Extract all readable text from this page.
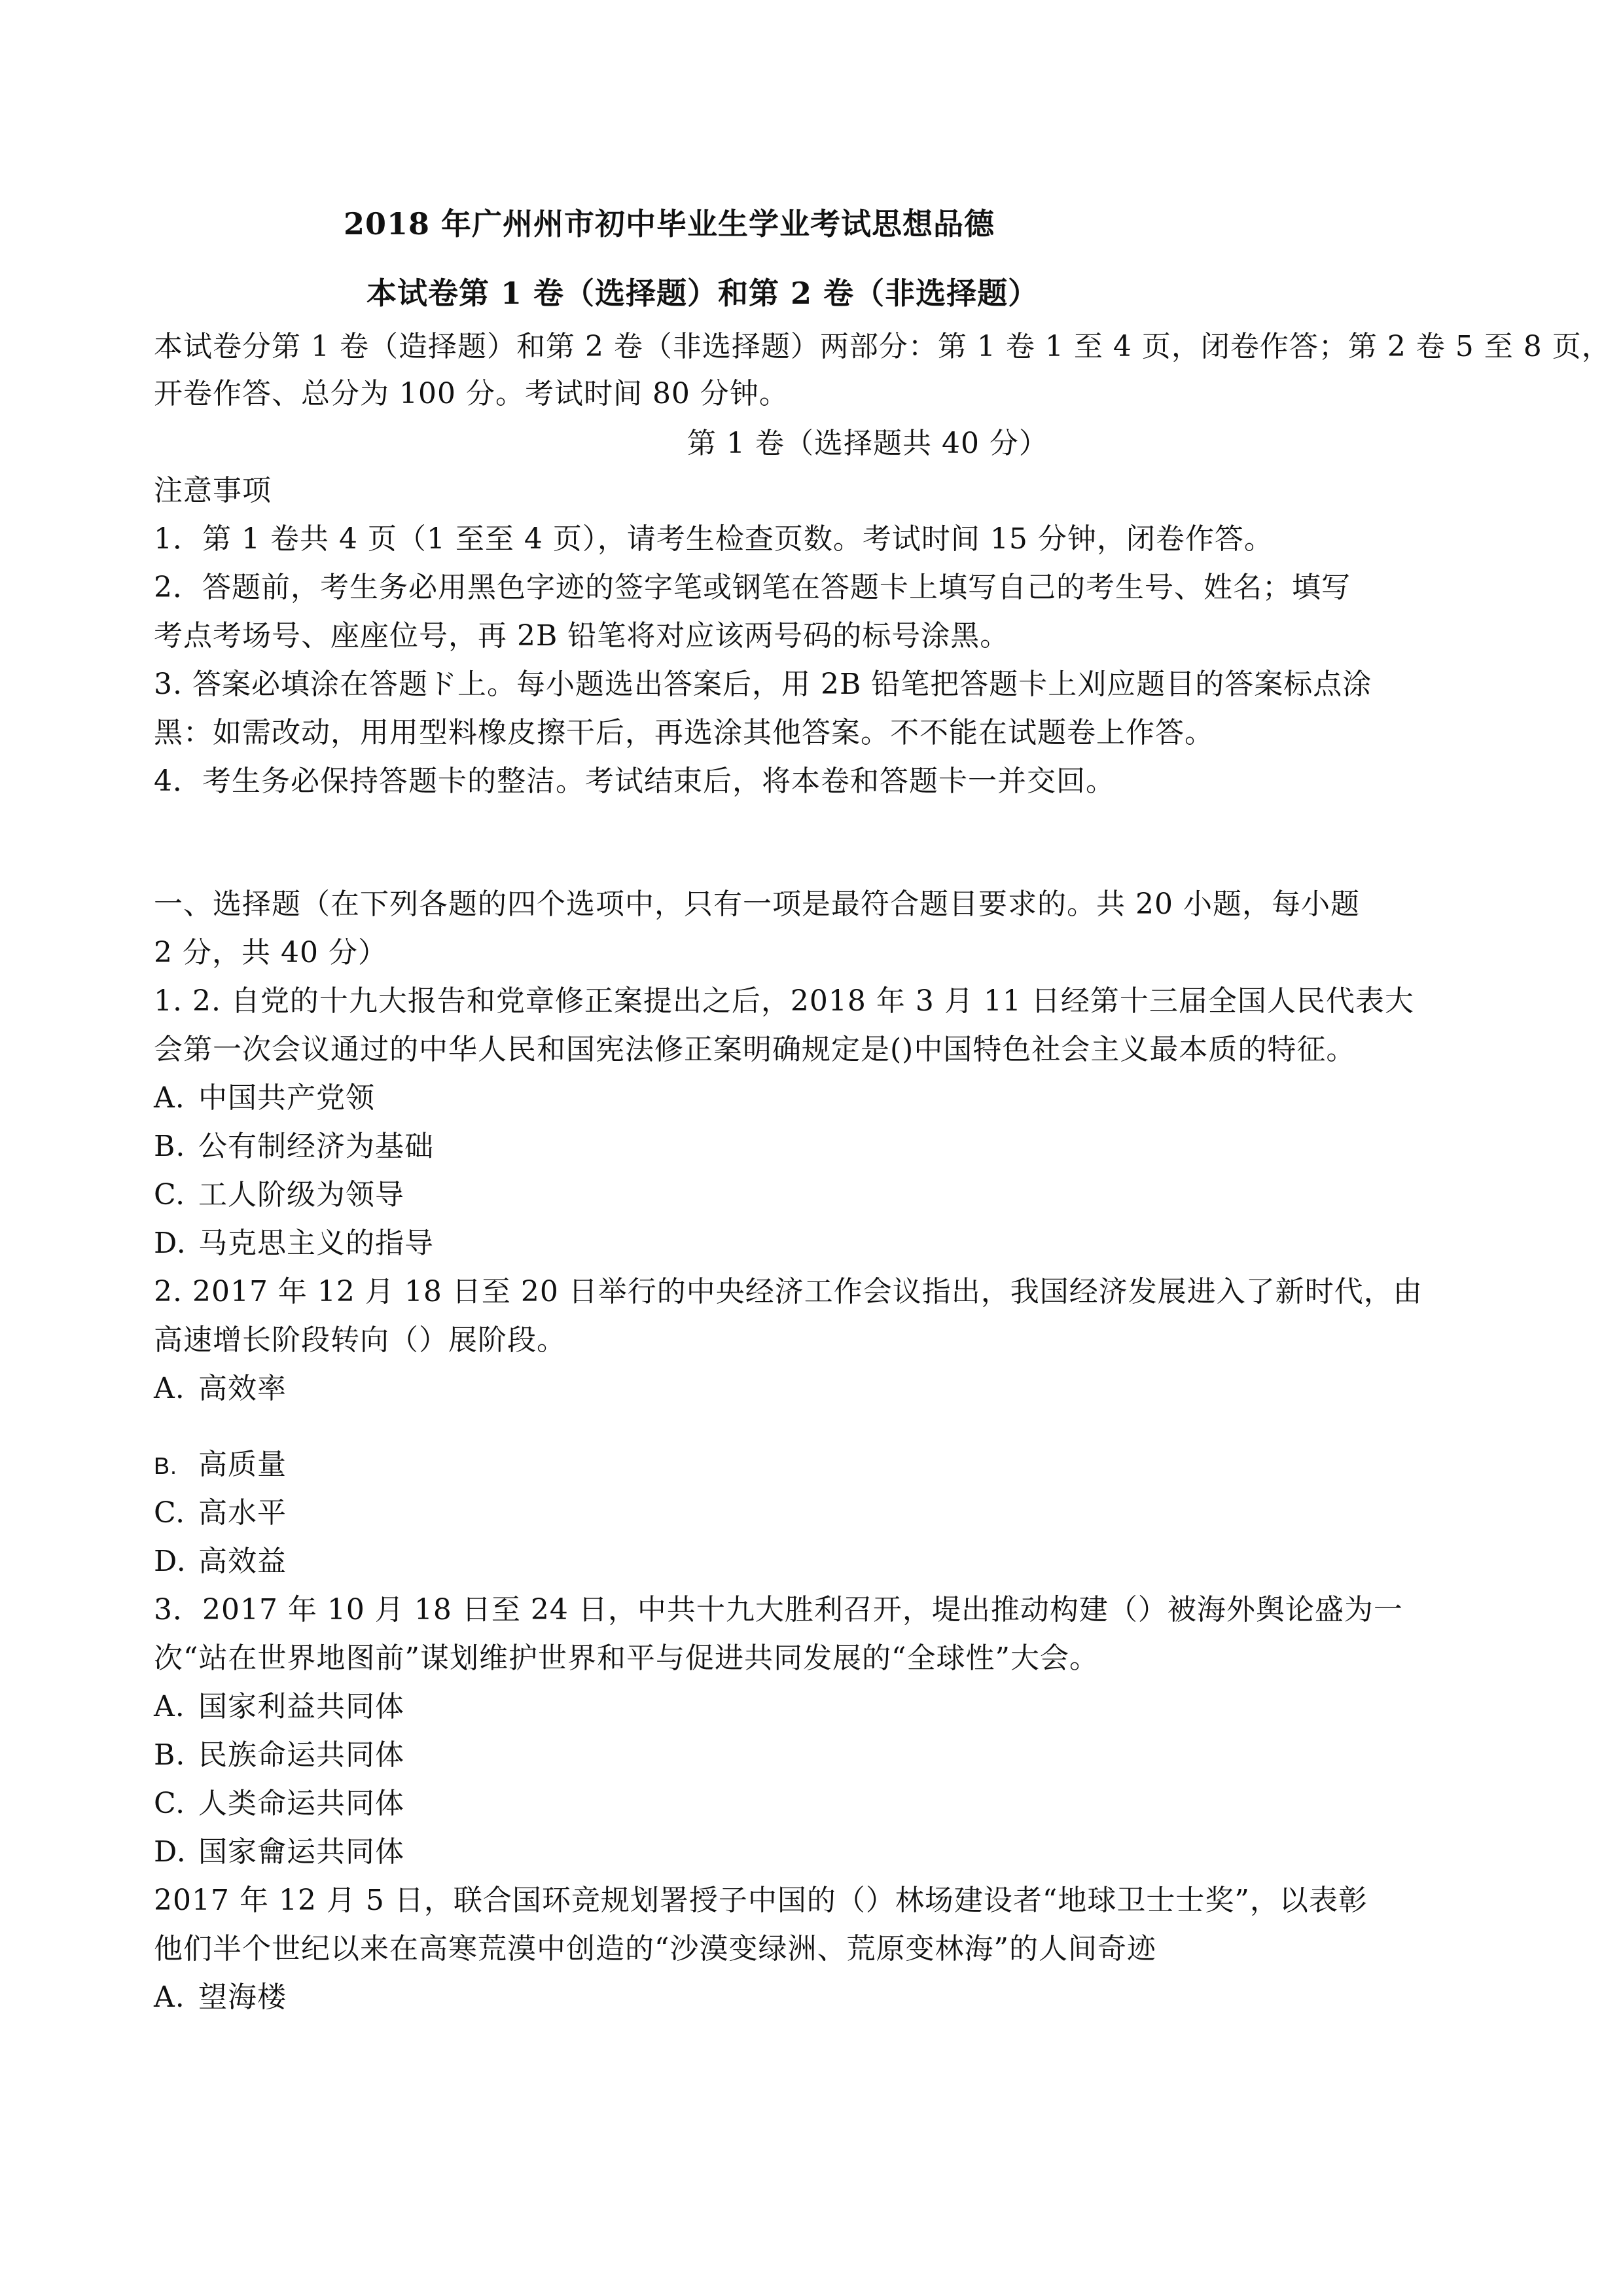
2018 年广州州市初中毕业生学业考试思想品德
本试卷第 1 卷（选择题）和第 2 卷（非选择题）
本试卷分第 1 卷（造择题）和第 2 卷（非选择题）两部分：第 1 卷 1 至 4 页，闭卷作答；第 2 卷 5 至 8 页，
开卷作答、总分为 100 分。考试时间 80 分钟。
第 1 卷（选择题共 40 分）
注意事项
1．第 1 卷共 4 页（1 至至 4 页），请考生检查页数。考试时间 15 分钟，闭卷作答。
2．答题前，考生务必用黑色字迹的签字笔或钢笔在答题卡上填写自己的考生号、姓名；填写
考点考场号、座座位号，再 2B 铅笔将对应该两号码的标号涂黑。
3. 答案必填涂在答题ド上。每小题选出答案后，用 2B 铅笔把答题卡上刈应题目的答案标点涂
黑：如需改动，用用型料橡皮擦干后，再选涂其他答案。不不能在试题卷上作答。
4．考生务必保持答题卡的整洁。考试结束后，将本卷和答题卡一并交回。
一、选择题（在下列各题的四个选项中，只有一项是最符合题目要求的。共 20 小题，每小题
2 分，共 40 分）
1. 2. 自党的十九大报告和党章修正案提出之后，2018 年 3 月 11 日经第十三届全国人民代表大
会第一次会议通过的中华人民和国宪法修正案明确规定是()中国特色社会主义最本质的特征。
A. 中国共产党领
B. 公有制经济为基础
C. 工人阶级为领导
D. 马克思主义的指导
2. 2017 年 12 月 18 日至 20 日举行的中央经济工作会议指出，我国经济发展进入了新时代，由
高速增长阶段转向（）展阶段。
A. 高效率
B. 高质量
C. 高水平
D. 高效益
3．2017 年 10 月 18 日至 24 日，中共十九大胜利召开，堤出推动构建（）被海外舆论盛为一
次“站在世界地图前”谋划维护世界和平与促进共同发展的“全球性”大会。
A. 国家利益共同体
B. 民族命运共同体
C. 人类命运共同体
D. 国家龠运共同体
2017 年 12 月 5 日，联合国环竞规划署授子中国的（）林场建设者“地球卫士士奖”，以表彰
他们半个世纪以来在高寒荒漠中创造的“沙漠变绿洲、荒原变林海”的人间奇迹
A. 望海楼
